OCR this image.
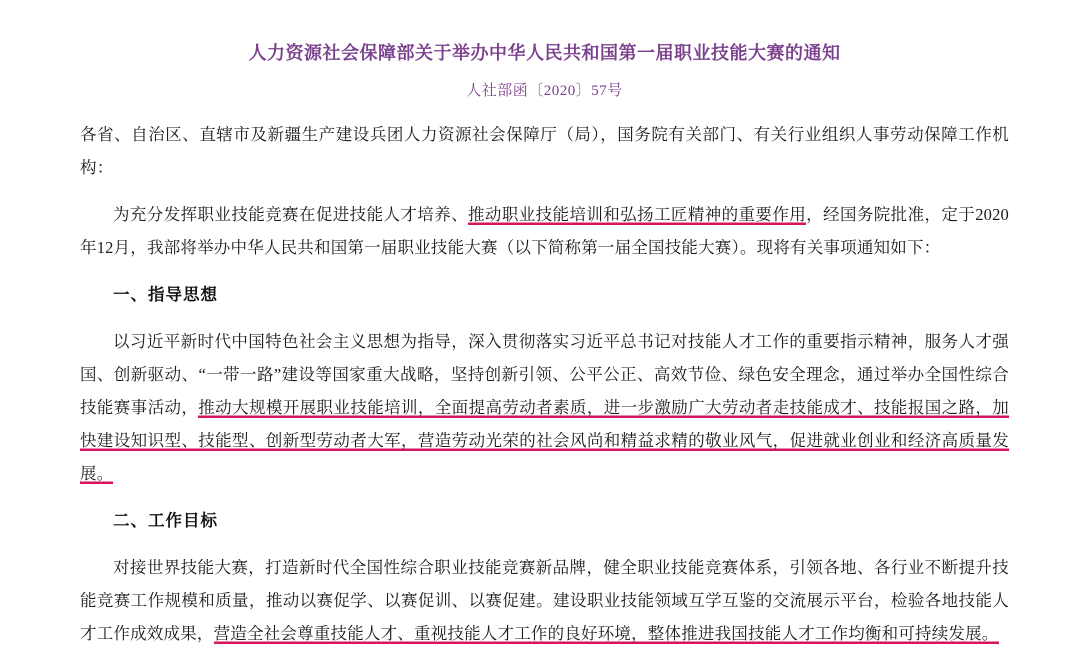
人力资源社会保障部关于举办中华人民共和国第一届职业技能大赛的通知
人社部函〔2020〕57号

各省、自治区、直辖市及新疆生产建设兵团人力资源社会保障厅（局），国务院有关部门、有关行业组织人事劳动保障工作机构：

为充分发挥职业技能竞赛在促进技能人才培养、推动职业技能培训和弘扬工匠精神的重要作用，经国务院批准，定于2020年12月，我部将举办中华人民共和国第一届职业技能大赛（以下简称第一届全国技能大赛）。现将有关事项通知如下：

一、指导思想

以习近平新时代中国特色社会主义思想为指导，深入贯彻落实习近平总书记对技能人才工作的重要指示精神，服务人才强国、创新驱动、“一带一路”建设等国家重大战略，坚持创新引领、公平公正、高效节俭、绿色安全理念，通过举办全国性综合技能赛事活动，推动大规模开展职业技能培训，全面提高劳动者素质，进一步激励广大劳动者走技能成才、技能报国之路，加快建设知识型、技能型、创新型劳动者大军，营造劳动光荣的社会风尚和精益求精的敬业风气，促进就业创业和经济高质量发展。

二、工作目标

对接世界技能大赛，打造新时代全国性综合职业技能竞赛新品牌，健全职业技能竞赛体系，引领各地、各行业不断提升技能竞赛工作规模和质量，推动以赛促学、以赛促训、以赛促建。建设职业技能领域互学互鉴的交流展示平台，检验各地技能人才工作成效成果，营造全社会尊重技能人才、重视技能人才工作的良好环境，整体推进我国技能人才工作均衡和可持续发展。
